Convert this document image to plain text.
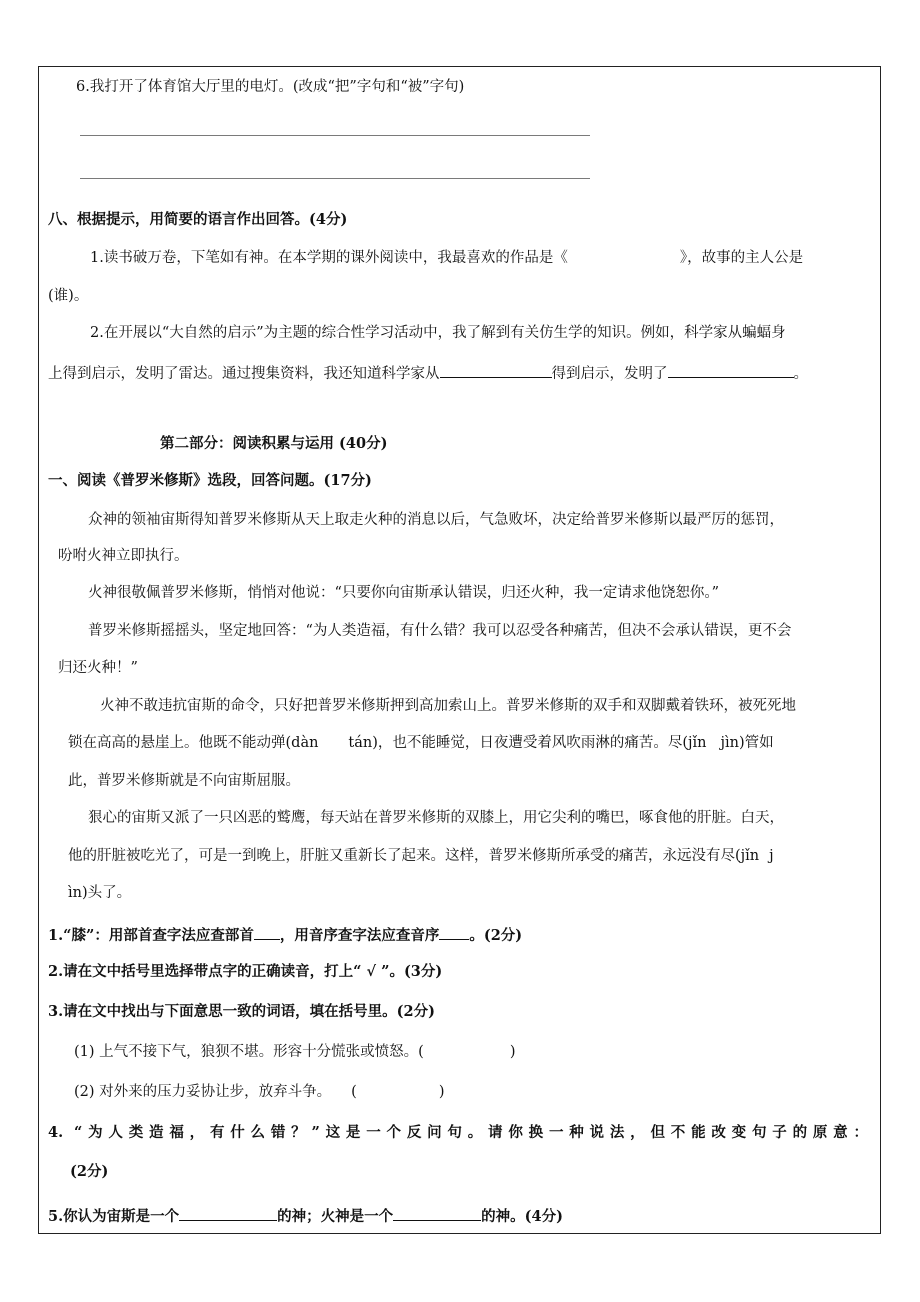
6.我打开了体育馆大厅里的电灯。(改成“把”字句和“被”字句)
八、根据提示，用简要的语言作出回答。(4分)
1.读书破万卷，下笔如有神。在本学期的课外阅读中，我最喜欢的作品是《	》，故事的主人公是
(谁)。
2.在开展以“大自然的启示”为主题的综合性学习活动中，我了解到有关仿生学的知识。例如，科学家从蝙蝠身
上得到启示，发明了雷达。通过搜集资料，我还知道科学家从	得到启示，发明了	。
第二部分：阅读积累与运用 (40分)
一、阅读《普罗米修斯》选段，回答问题。(17分)
众神的领袖宙斯得知普罗米修斯从天上取走火种的消息以后，气急败坏，决定给普罗米修斯以最严厉的惩罚，
吩咐火神立即执行。
火神很敬佩普罗米修斯，悄悄对他说：“只要你向宙斯承认错误，归还火种，我一定请求他饶恕你。”
普罗米修斯摇摇头，坚定地回答：“为人类造福，有什么错？我可以忍受各种痛苦，但决不会承认错误，更不会
归还火种！”
火神不敢违抗宙斯的命令，只好把普罗米修斯押到高加索山上。普罗米修斯的双手和双脚戴着铁环，被死死地
锁在高高的悬崖上。他既不能动弹(dàn tán)，也不能睡觉，日夜遭受着风吹雨淋的痛苦。尽(jǐn jìn)管如
此，普罗米修斯就是不向宙斯屈服。
狠心的宙斯又派了一只凶恶的鹫鹰，每天站在普罗米修斯的双膝上，用它尖利的嘴巴，啄食他的肝脏。白天，
他的肝脏被吃光了，可是一到晚上，肝脏又重新长了起来。这样，普罗米修斯所承受的痛苦，永远没有尽(jǐn j
ìn)头了。
1.“膝”：用部首查字法应查部首 ，用音序查字法应查音序 。(2分)
2.请在文中括号里选择带点字的正确读音，打上“ √ ”。(3分)
3.请在文中找出与下面意思一致的词语，填在括号里。(2分)
(1) 上气不接下气，狼狈不堪。形容十分慌张或愤怒。(	)
(2) 对外来的压力妥协让步，放弃斗争。 (	)
4. “为人类造福，有什么错？”这是一个反问句。请你换一种说法，但不能改变句子的原意：
(2分)
5.你认为宙斯是一个	的神；火神是一个	的神。(4分)
